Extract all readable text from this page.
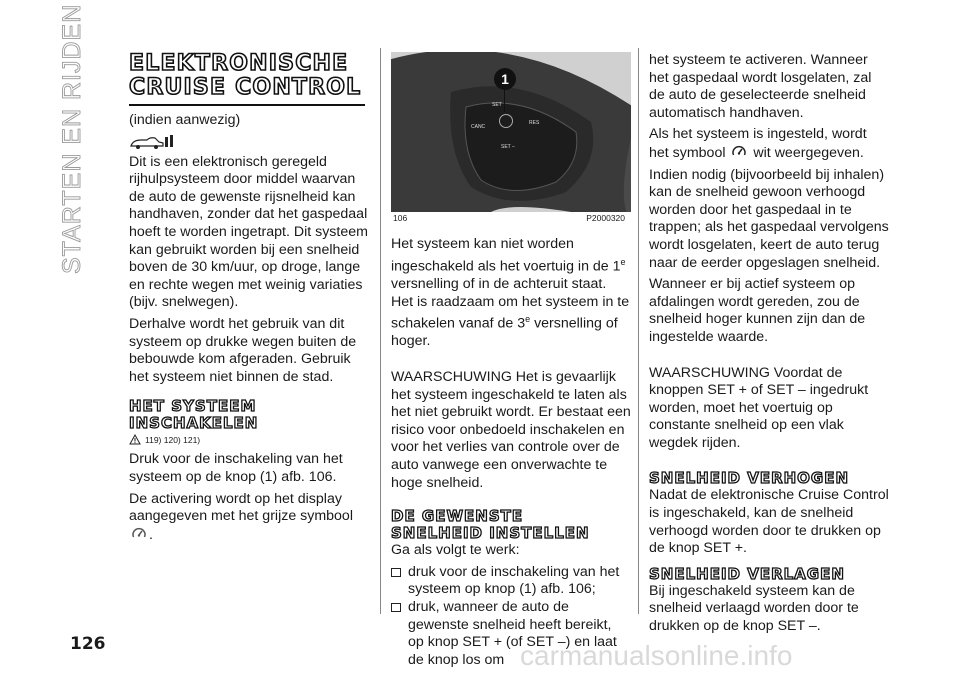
STARTEN EN RIJDEN
126
ELEKTRONISCHE
CRUISE CONTROL

(indien aanwezig)

Dit is een elektronisch geregeld rijhulpsysteem door middel waarvan de auto de gewenste rijsnelheid kan handhaven, zonder dat het gaspedaal hoeft te worden ingetrapt. Dit systeem kan gebruikt worden bij een snelheid boven de 30 km/uur, op droge, lange en rechte wegen met weinig variaties (bijv. snelwegen).

Derhalve wordt het gebruik van dit systeem op drukke wegen buiten de bebouwde kom afgeraden. Gebruik het systeem niet binnen de stad.

HET SYSTEEM
INSCHAKELEN
119) 120) 121)

Druk voor de inschakeling van het systeem op de knop (1) afb. 106.

De activering wordt op het display aangegeven met het grijze symbool .

1
SET
CANC
RES
SET –
106	P2000320

Het systeem kan niet worden ingeschakeld als het voertuig in de 1e versnelling of in de achteruit staat. Het is raadzaam om het systeem in te schakelen vanaf de 3e versnelling of hoger.

WAARSCHUWING Het is gevaarlijk het systeem ingeschakeld te laten als het niet gebruikt wordt. Er bestaat een risico voor onbedoeld inschakelen en voor het verlies van controle over de auto vanwege een onverwachte te hoge snelheid.

DE GEWENSTE
SNELHEID INSTELLEN

Ga als volgt te werk:

druk voor de inschakeling van het systeem op knop (1) afb. 106;
druk, wanneer de auto de gewenste snelheid heeft bereikt, op knop SET + (of SET –) en laat de knop los om

het systeem te activeren. Wanneer het gaspedaal wordt losgelaten, zal de auto de geselecteerde snelheid automatisch handhaven.

Als het systeem is ingesteld, wordt het symbool wit weergegeven.

Indien nodig (bijvoorbeeld bij inhalen) kan de snelheid gewoon verhoogd worden door het gaspedaal in te trappen; als het gaspedaal vervolgens wordt losgelaten, keert de auto terug naar de eerder opgeslagen snelheid.

Wanneer er bij actief systeem op afdalingen wordt gereden, zou de snelheid hoger kunnen zijn dan de ingestelde waarde.

WAARSCHUWING Voordat de knoppen SET + of SET – ingedrukt worden, moet het voertuig op constante snelheid op een vlak wegdek rijden.

SNELHEID VERHOGEN

Nadat de elektronische Cruise Control is ingeschakeld, kan de snelheid verhoogd worden door te drukken op de knop SET +.

SNELHEID VERLAGEN

Bij ingeschakeld systeem kan de snelheid verlaagd worden door te drukken op de knop SET –.

carmanualsonline.info
